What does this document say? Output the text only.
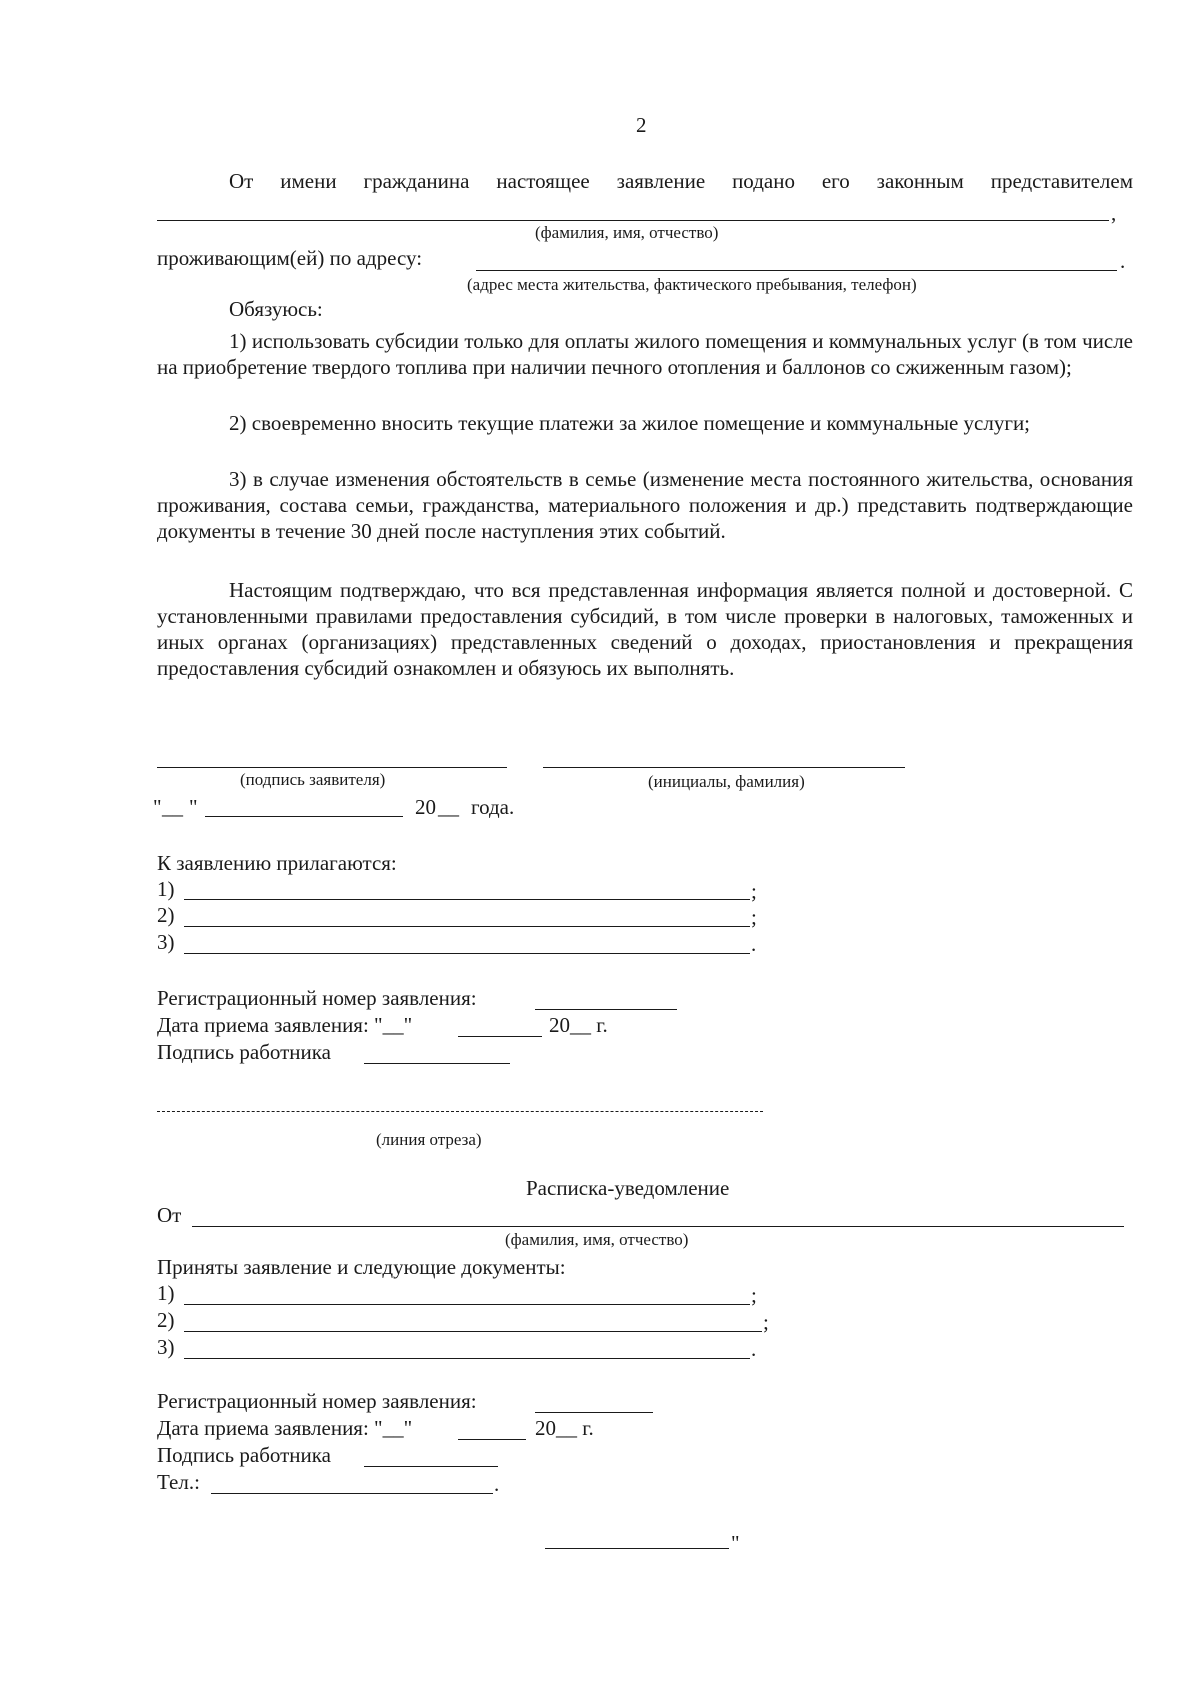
2
От имени гражданина настоящее заявление подано его законным представителем
,
(фамилия, имя, отчество)
проживающим(ей) по адресу:	.
(адрес места жительства, фактического пребывания, телефон)
Обязуюсь:
1) использовать субсидии только для оплаты жилого помещения и коммунальных услуг (в том числе на приобретение твердого топлива при наличии печного отопления и баллонов со сжиженным газом);
2) своевременно вносить текущие платежи за жилое помещение и коммунальные услуги;
3) в случае изменения обстоятельств в семье (изменение места постоянного жительства, основания проживания, состава семьи, гражданства, материального положения и др.) представить подтверждающие документы в течение 30 дней после наступления этих событий.
Настоящим подтверждаю, что вся представленная информация является полной и достоверной. С установленными правилами предоставления субсидий, в том числе проверки в налоговых, таможенных и иных органах (организациях) представленных сведений о доходах, приостановления и прекращения предоставления субсидий ознакомлен и обязуюсь их выполнять.
(подпись заявителя)	(инициалы, фамилия)
" __ "	20 __ года.
К заявлению прилагаются:
1)	;
2)	;
3)	.
Регистрационный номер заявления:
Дата приема заявления: "__"	20__ г.
Подпись работника
(линия отреза)
Расписка-уведомление
От
(фамилия, имя, отчество)
Приняты заявление и следующие документы:
1)	;
2)	;
3)	.
Регистрационный номер заявления:
Дата приема заявления: "__"	20__ г.
Подпись работника
Тел.:	.
"
